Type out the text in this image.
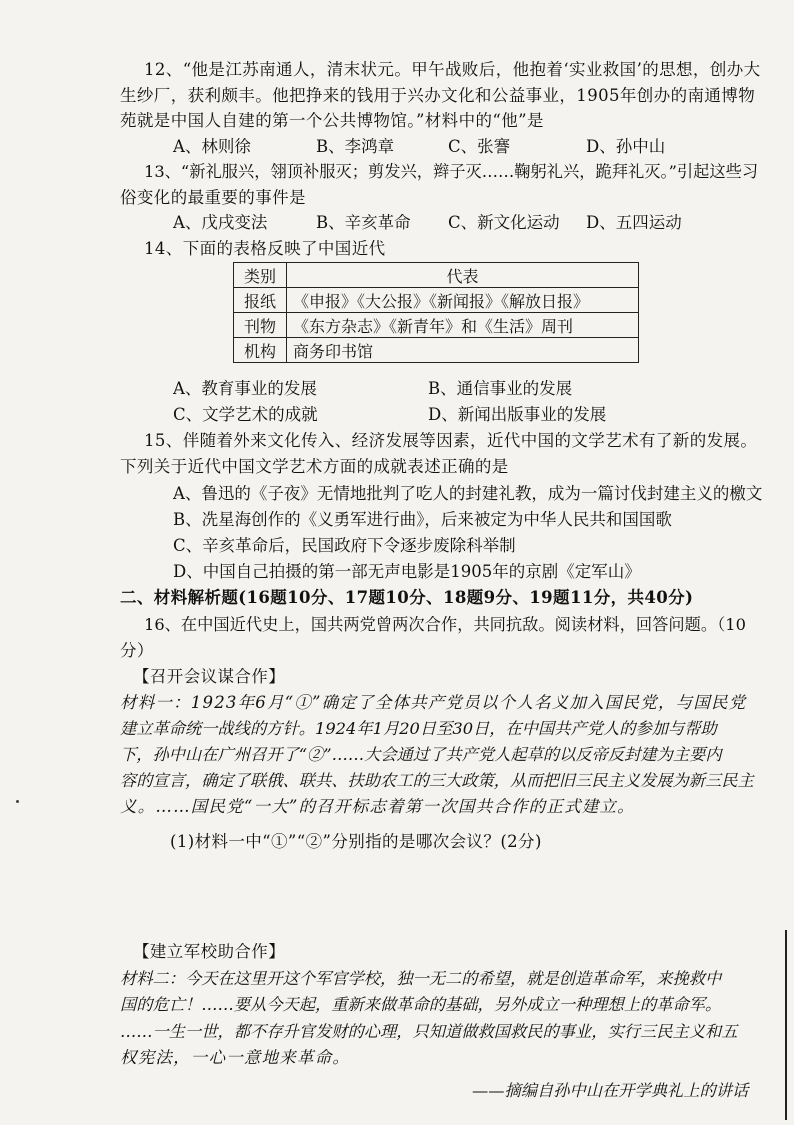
12、“他是江苏南通人，清末状元。甲午战败后，他抱着‘实业救国’的思想，创办大
生纱厂，获利颇丰。他把挣来的钱用于兴办文化和公益事业，1905年创办的南通博物
苑就是中国人自建的第一个公共博物馆。”材料中的“他”是
A、林则徐	B、李鸿章	C、张謇	D、孙中山
13、“新礼服兴，翎顶补服灭；剪发兴，辫子灭……鞠躬礼兴，跪拜礼灭。”引起这些习
俗变化的最重要的事件是
A、戊戌变法	B、辛亥革命 C、新文化运动 D、五四运动
14、下面的表格反映了中国近代
类别	代表
报纸	《申报》《大公报》《新闻报》《解放日报》
刊物	《东方杂志》《新青年》和《生活》周刊
机构	商务印书馆
A、教育事业的发展	B、通信事业的发展
C、文学艺术的成就	D、新闻出版事业的发展
15、伴随着外来文化传入、经济发展等因素，近代中国的文学艺术有了新的发展。
下列关于近代中国文学艺术方面的成就表述正确的是
A、鲁迅的《子夜》无情地批判了吃人的封建礼教，成为一篇讨伐封建主义的檄文
B、冼星海创作的《义勇军进行曲》，后来被定为中华人民共和国国歌
C、辛亥革命后，民国政府下令逐步废除科举制
D、中国自己拍摄的第一部无声电影是1905年的京剧《定军山》
二、材料解析题(16题10分、17题10分、18题9分、19题11分，共40分)
16、在中国近代史上，国共两党曾两次合作，共同抗敌。阅读材料，回答问题。（10
分）
【召开会议谋合作】
材料一：1923年6月“①”确定了全体共产党员以个人名义加入国民党，与国民党
建立革命统一战线的方针。1924年1月20日至30日，在中国共产党人的参加与帮助
下，孙中山在广州召开了“②”……大会通过了共产党人起草的以反帝反封建为主要内
容的宣言，确定了联俄、联共、扶助农工的三大政策，从而把旧三民主义发展为新三民主
义。……国民党“一大”的召开标志着第一次国共合作的正式建立。
(1)材料一中“①”“②”分别指的是哪次会议？(2分)
【建立军校助合作】
材料二：今天在这里开这个军官学校，独一无二的希望，就是创造革命军，来挽救中
国的危亡！……要从今天起，重新来做革命的基础，另外成立一种理想上的革命军。
……一生一世，都不存升官发财的心理，只知道做救国救民的事业，实行三民主义和五
权宪法，一心一意地来革命。
——摘编自孙中山在开学典礼上的讲话
